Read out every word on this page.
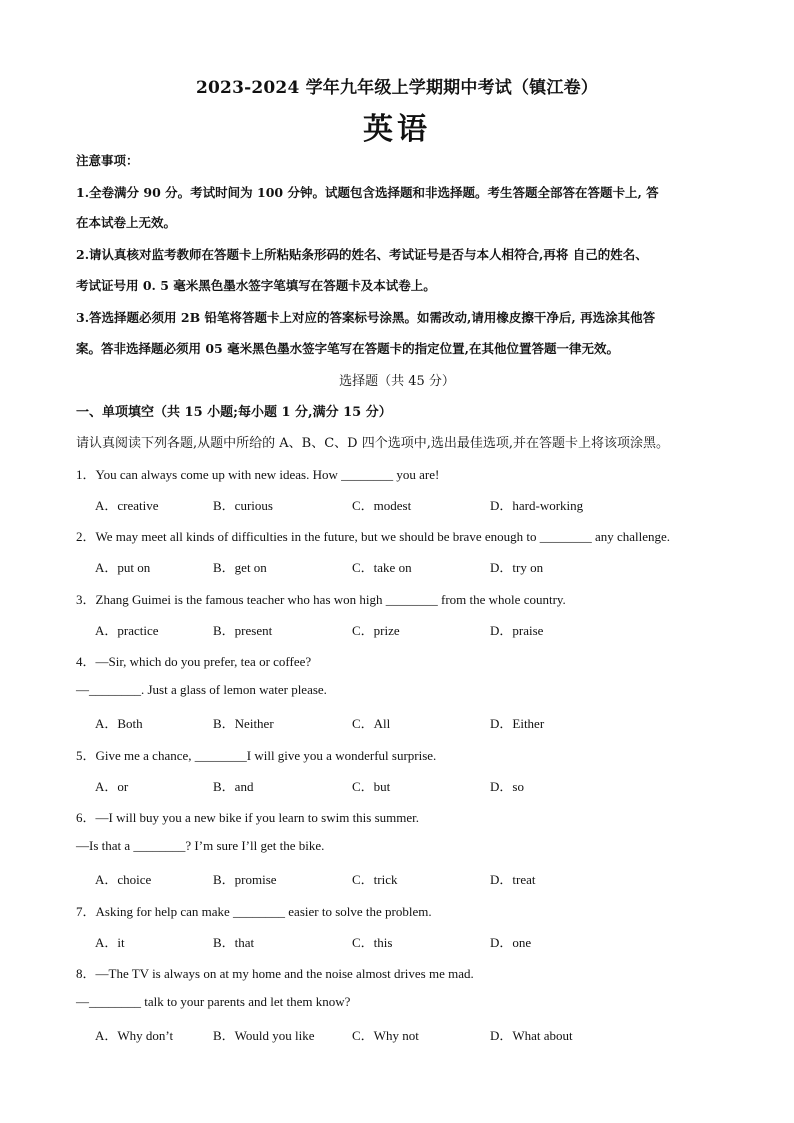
2023-2024 学年九年级上学期期中考试（镇江卷）
英语
注意事项：
1.全卷满分 90 分。考试时间为 100 分钟。试题包含选择题和非选择题。考生答题全部答在答题卡上, 答
在本试卷上无效。
2.请认真核对监考教师在答题卡上所粘贴条形码的姓名、考试证号是否与本人相符合,再将 自己的姓名、
考试证号用 0. 5 毫米黑色墨水签字笔填写在答题卡及本试卷上。
3.答选择题必须用 2B 铅笔将答题卡上对应的答案标号涂黑。如需改动,请用橡皮擦干净后, 再选涂其他答
案。答非选择题必须用 05 毫米黑色墨水签字笔写在答题卡的指定位置,在其他位置答题一律无效。
选择题（共 45 分）
一、单项填空（共 15 小题;每小题 1 分,满分 15 分）
请认真阅读下列各题,从题中所给的 A、B、C、D 四个选项中,选出最佳选项,并在答题卡上将该项涂黑。
1．You can always come up with new ideas. How ________ you are!
A．creative	B．curious	C．modest	D．hard-working
2．We may meet all kinds of difficulties in the future, but we should be brave enough to ________ any challenge.
A．put on	B．get on	C．take on	D．try on
3．Zhang Guimei is the famous teacher who has won high ________ from the whole country.
A．practice	B．present	C．prize	D．praise
4．—Sir, which do you prefer, tea or coffee?
—________. Just a glass of lemon water please.
A．Both	B．Neither	C．All	D．Either
5．Give me a chance, ________I will give you a wonderful surprise.
A．or	B．and	C．but	D．so
6．—I will buy you a new bike if you learn to swim this summer.
—Is that a ________? I’m sure I’ll get the bike.
A．choice	B．promise	C．trick	D．treat
7．Asking for help can make ________ easier to solve the problem.
A．it	B．that	C．this	D．one
8．—The TV is always on at my home and the noise almost drives me mad.
—________ talk to your parents and let them know?
A．Why don’t	B．Would you like	C．Why not	D．What about
